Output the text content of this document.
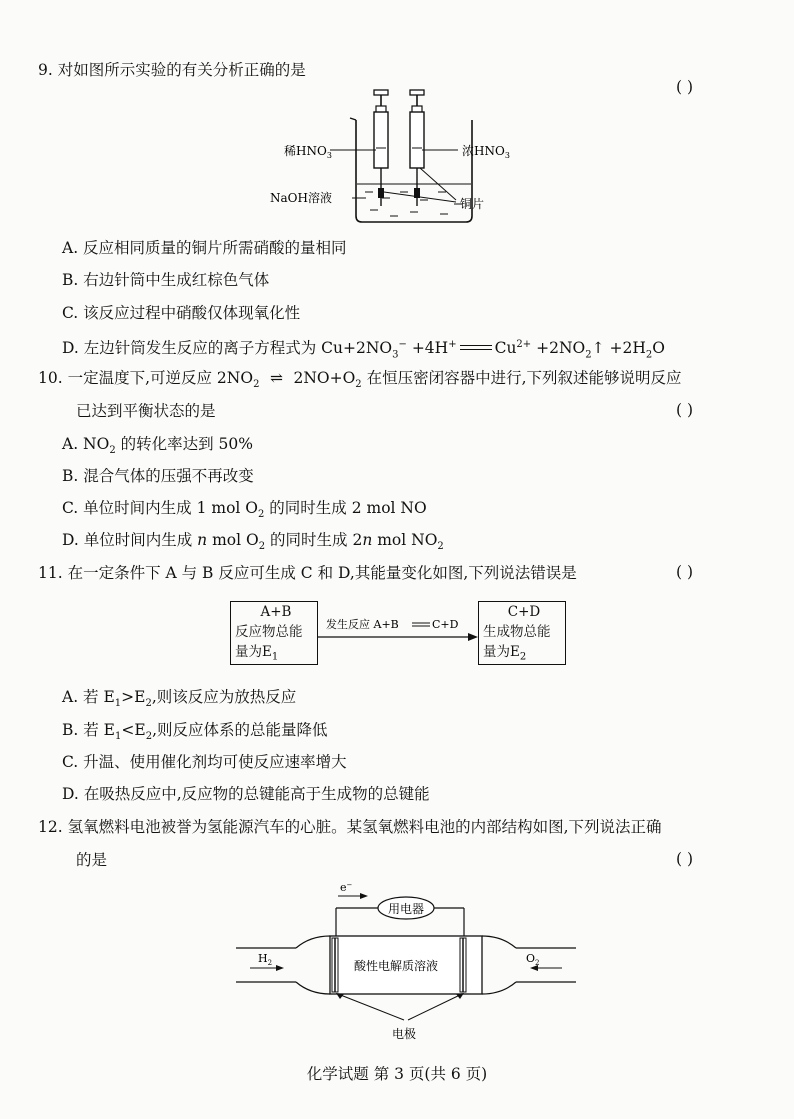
9. 对如图所示实验的有关分析正确的是
( )
稀$HNO_3$	浓$HNO_3$
NaOH溶液	铜片
A. 反应相同质量的铜片所需硝酸的量相同
B. 右边针筒中生成红棕色气体
C. 该反应过程中硝酸仅体现氧化性
D. 左边针筒发生反应的离子方程式为 $Cu+2NO_3^- +4H^+$ $Cu^{2+}$ $+2NO_2↑ +2H_2O$
10. 一定温度下,可逆反应 $2NO_2$ ⇌ $2NO+O_2$ 在恒压密闭容器中进行,下列叙述能够说明反应
已达到平衡状态的是	( )
A. $NO_2$ 的转化率达到 50%
B. 混合气体的压强不再改变
C. 单位时间内生成 1 mol $O_2$ 的同时生成 2 mol NO
D. 单位时间内生成 n mol $O_2$ 的同时生成 2n mol $NO_2$
11. 在一定条件下 A 与 B 反应可生成 C 和 D,其能量变化如图,下列说法错误是	( )
A+B
反应物总能
量为$E_1$
C+D
生成物总能
量为$E_2$
发生反应 A+B	C+D
A. 若 $E_1>E_2$,则该反应为放热反应
B. 若 $E_1<E_2$,则反应体系的总能量降低
C. 升温、使用催化剂均可使反应速率增大
D. 在吸热反应中,反应物的总键能高于生成物的总键能
12. 氢氧燃料电池被誉为氢能源汽车的心脏。某氢氧燃料电池的内部结构如图,下列说法正确
的是	( )
用电器
e−
酸性电解质溶液
$H_2$	$O_2$
电极
化学试题 第 3 页(共 6 页)
